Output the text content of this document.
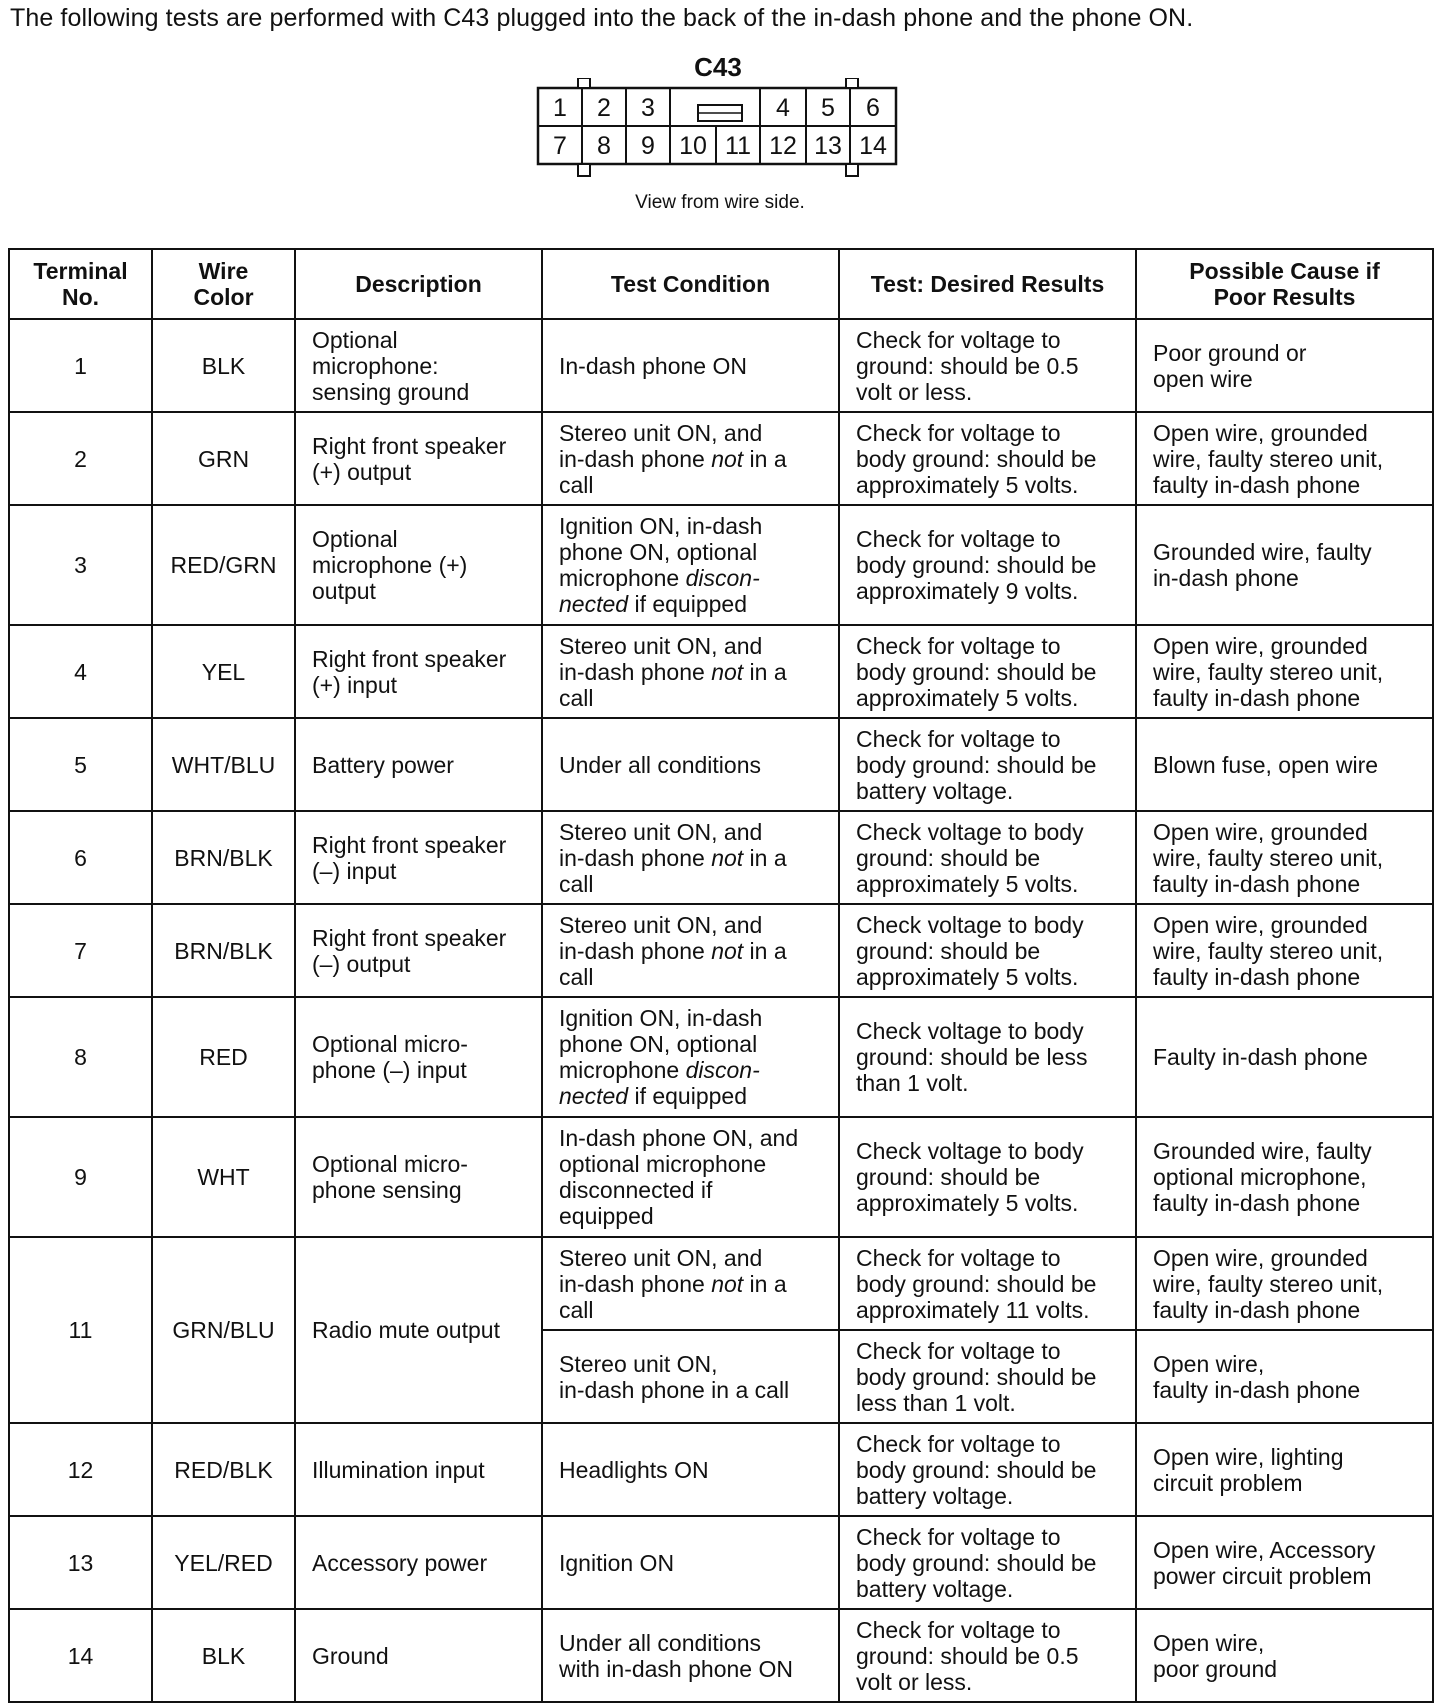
The following tests are performed with C43 plugged into the back of the in-dash phone and the phone ON.
C43
1 2 3	4 5 6
7 8 9 10 11 12 13 14
View from wire side.
Terminal
No.	Wire
Color	Description	Test Condition	Test: Desired Results	Possible Cause if
Poor Results
1	BLK	Optional
microphone:
sensing ground	In-dash phone ON	Check for voltage to
ground: should be 0.5
volt or less.	Poor ground or
open wire
2	GRN	Right front speaker
(+) output	Stereo unit ON, and
in-dash phone not in a
call	Check for voltage to
body ground: should be
approximately 5 volts.	Open wire, grounded
wire, faulty stereo unit,
faulty in-dash phone
3	RED/GRN	Optional
microphone (+)
output	Ignition ON, in-dash
phone ON, optional
microphone discon-
nected if equipped	Check for voltage to
body ground: should be
approximately 9 volts.	Grounded wire, faulty
in-dash phone
4	YEL	Right front speaker
(+) input	Stereo unit ON, and
in-dash phone not in a
call	Check for voltage to
body ground: should be
approximately 5 volts.	Open wire, grounded
wire, faulty stereo unit,
faulty in-dash phone
5	WHT/BLU	Battery power	Under all conditions	Check for voltage to
body ground: should be
battery voltage.	Blown fuse, open wire
6	BRN/BLK	Right front speaker
(–) input	Stereo unit ON, and
in-dash phone not in a
call	Check voltage to body
ground: should be
approximately 5 volts.	Open wire, grounded
wire, faulty stereo unit,
faulty in-dash phone
7	BRN/BLK	Right front speaker
(–) output	Stereo unit ON, and
in-dash phone not in a
call	Check voltage to body
ground: should be
approximately 5 volts.	Open wire, grounded
wire, faulty stereo unit,
faulty in-dash phone
8	RED	Optional micro-
phone (–) input	Ignition ON, in-dash
phone ON, optional
microphone discon-
nected if equipped	Check voltage to body
ground: should be less
than 1 volt.	Faulty in-dash phone
9	WHT	Optional micro-
phone sensing	In-dash phone ON, and
optional microphone
disconnected if
equipped	Check voltage to body
ground: should be
approximately 5 volts.	Grounded wire, faulty
optional microphone,
faulty in-dash phone
11	GRN/BLU	Radio mute output	Stereo unit ON, and
in-dash phone not in a
call	Check for voltage to
body ground: should be
approximately 11 volts.	Open wire, grounded
wire, faulty stereo unit,
faulty in-dash phone
			Stereo unit ON,
in-dash phone in a call	Check for voltage to
body ground: should be
less than 1 volt.	Open wire,
faulty in-dash phone
12	RED/BLK	Illumination input	Headlights ON	Check for voltage to
body ground: should be
battery voltage.	Open wire, lighting
circuit problem
13	YEL/RED	Accessory power	Ignition ON	Check for voltage to
body ground: should be
battery voltage.	Open wire, Accessory
power circuit problem
14	BLK	Ground	Under all conditions
with in-dash phone ON	Check for voltage to
ground: should be 0.5
volt or less.	Open wire,
poor ground
